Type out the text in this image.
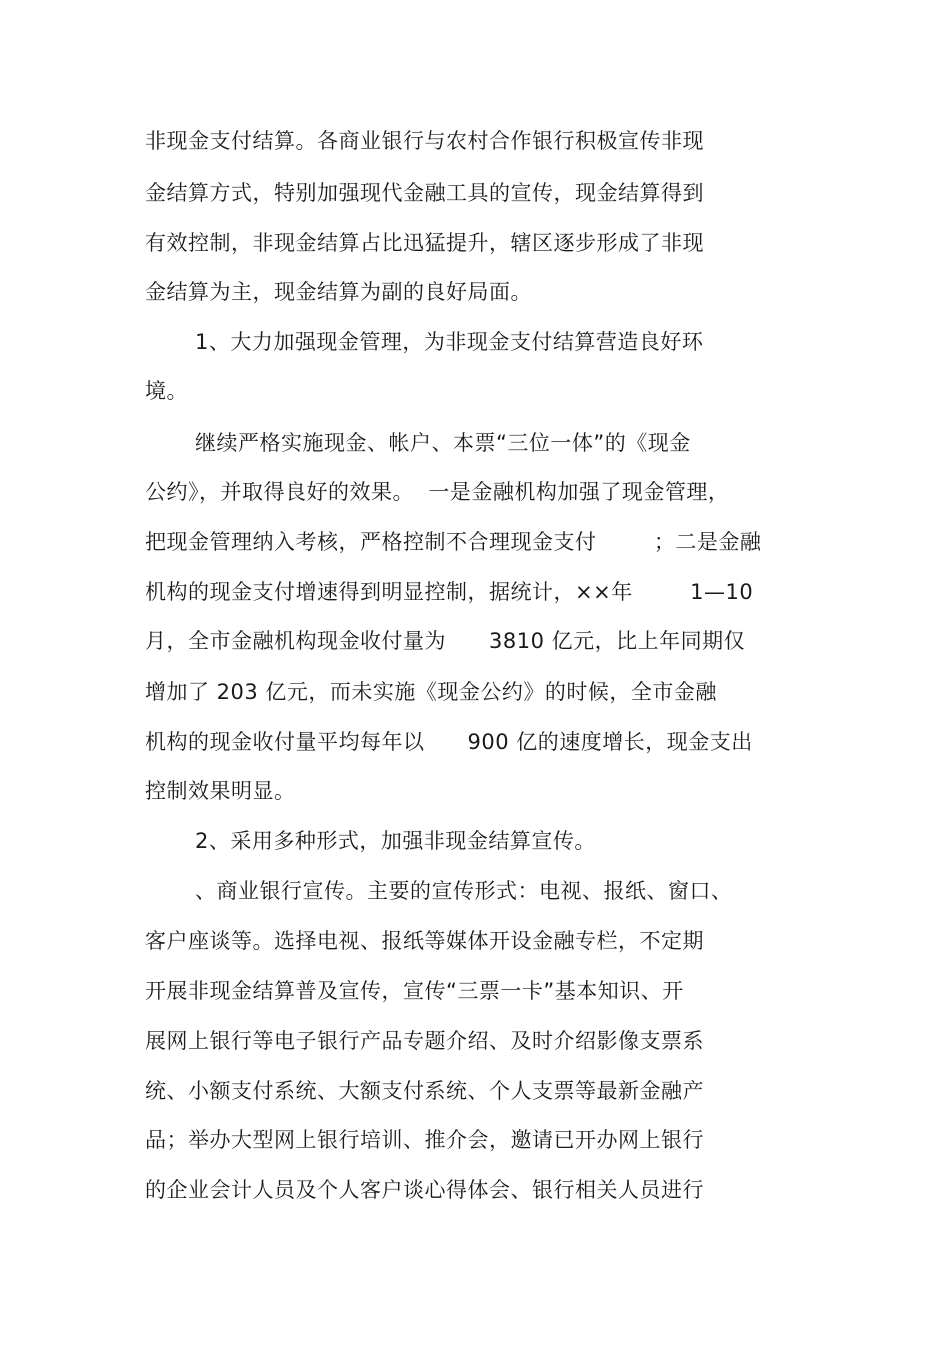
非现金支付结算。各商业银行与农村合作银行积极宣传非现
金结算方式，特别加强现代金融工具的宣传，现金结算得到
有效控制，非现金结算占比迅猛提升，辖区逐步形成了非现
金结算为主，现金结算为副的良好局面。
1、大力加强现金管理，为非现金支付结算营造良好环
境。
继续严格实施现金、帐户、本票“三位一体”的《现金
公约》，并取得良好的效果。  一是金融机构加强了现金管理，
把现金管理纳入考核，严格控制不合理现金支付        ；二是金融
机构的现金支付增速得到明显控制，据统计，××年        1—10
月，全市金融机构现金收付量为      3810 亿元，比上年同期仅
增加了 203 亿元，而未实施《现金公约》的时候，全市金融
机构的现金收付量平均每年以      900 亿的速度增长，现金支出
控制效果明显。
2、采用多种形式，加强非现金结算宣传。
、商业银行宣传。主要的宣传形式：电视、报纸、窗口、
客户座谈等。选择电视、报纸等媒体开设金融专栏，不定期
开展非现金结算普及宣传，宣传“三票一卡”基本知识、开
展网上银行等电子银行产品专题介绍、及时介绍影像支票系
统、小额支付系统、大额支付系统、个人支票等最新金融产
品；举办大型网上银行培训、推介会，邀请已开办网上银行
的企业会计人员及个人客户谈心得体会、银行相关人员进行
